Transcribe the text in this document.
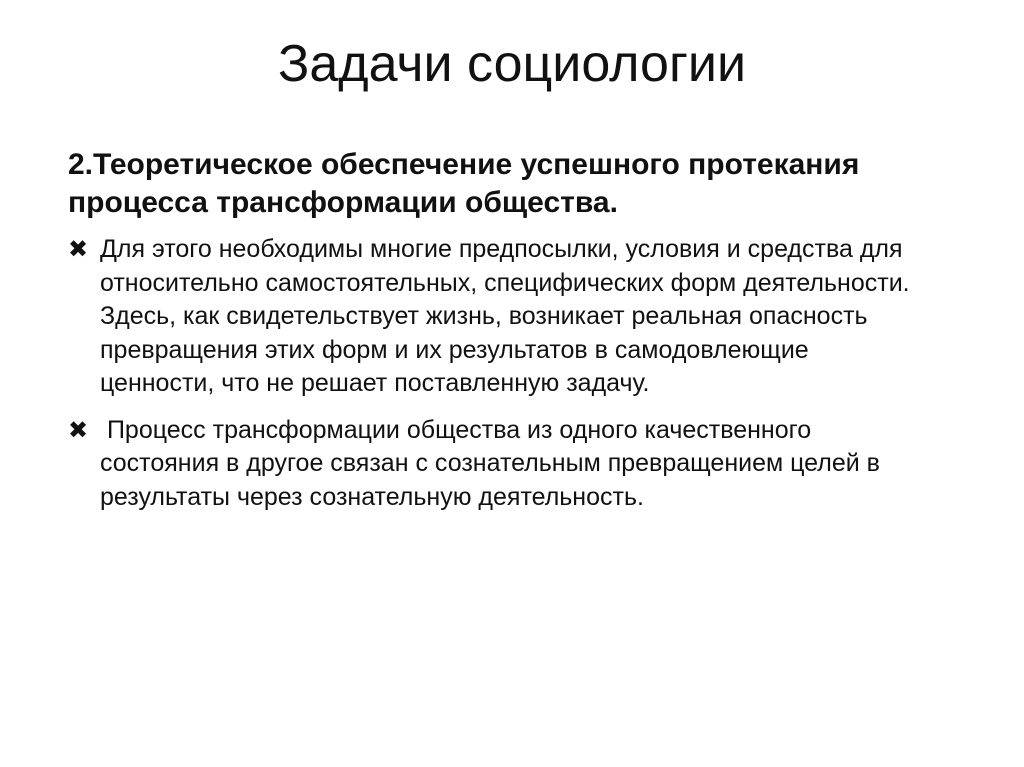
Задачи социологии
2.Теоретическое обеспечение успешного протекания процесса трансформации общества.
✖ Для этого необходимы многие предпосылки, условия и средства для относительно самостоятельных, специфических форм деятельности. Здесь, как свидетельствует жизнь, возникает реальная опасность превращения этих форм и их результатов в самодовлеющие ценности, что не решает поставленную задачу.
✖ Процесс трансформации общества из одного качественного состояния в другое связан с сознательным превращением целей в результаты через сознательную деятельность.
